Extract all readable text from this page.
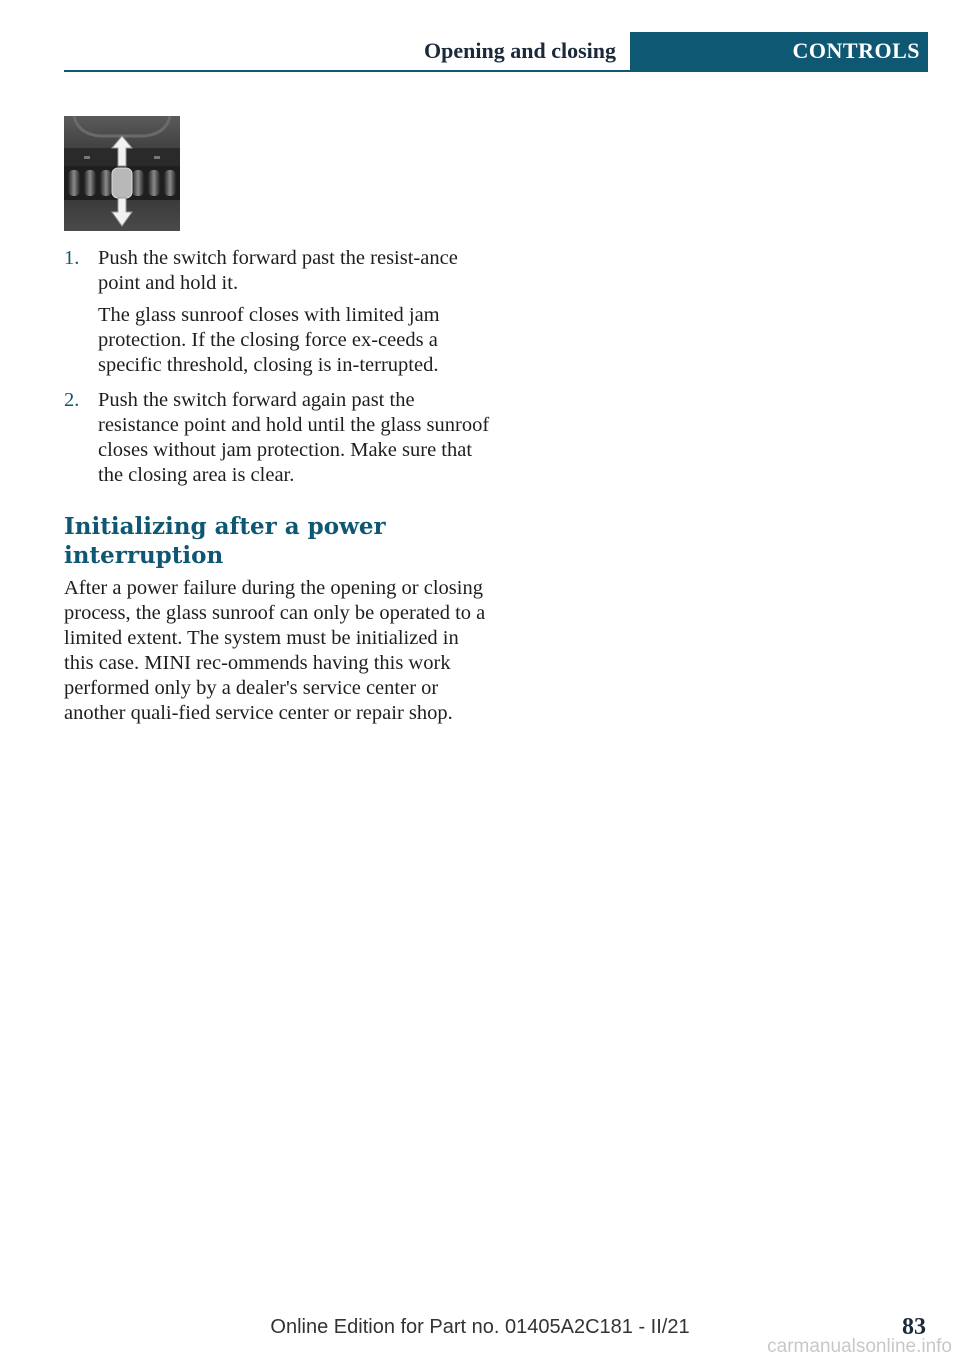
Opening and closing	CONTROLS
1. Push the switch forward past the resist-ance point and hold it.

The glass sunroof closes with limited jam protection. If the closing force ex-ceeds a specific threshold, closing is in-terrupted.

2. Push the switch forward again past the resistance point and hold until the glass sunroof closes without jam protection. Make sure that the closing area is clear.

Initializing after a power interruption

After a power failure during the opening or closing process, the glass sunroof can only be operated to a limited extent. The system must be initialized in this case. MINI rec-ommends having this work performed only by a dealer's service center or another quali-fied service center or repair shop.

Online Edition for Part no. 01405A2C181 - II/21	83
carmanualsonline.info
